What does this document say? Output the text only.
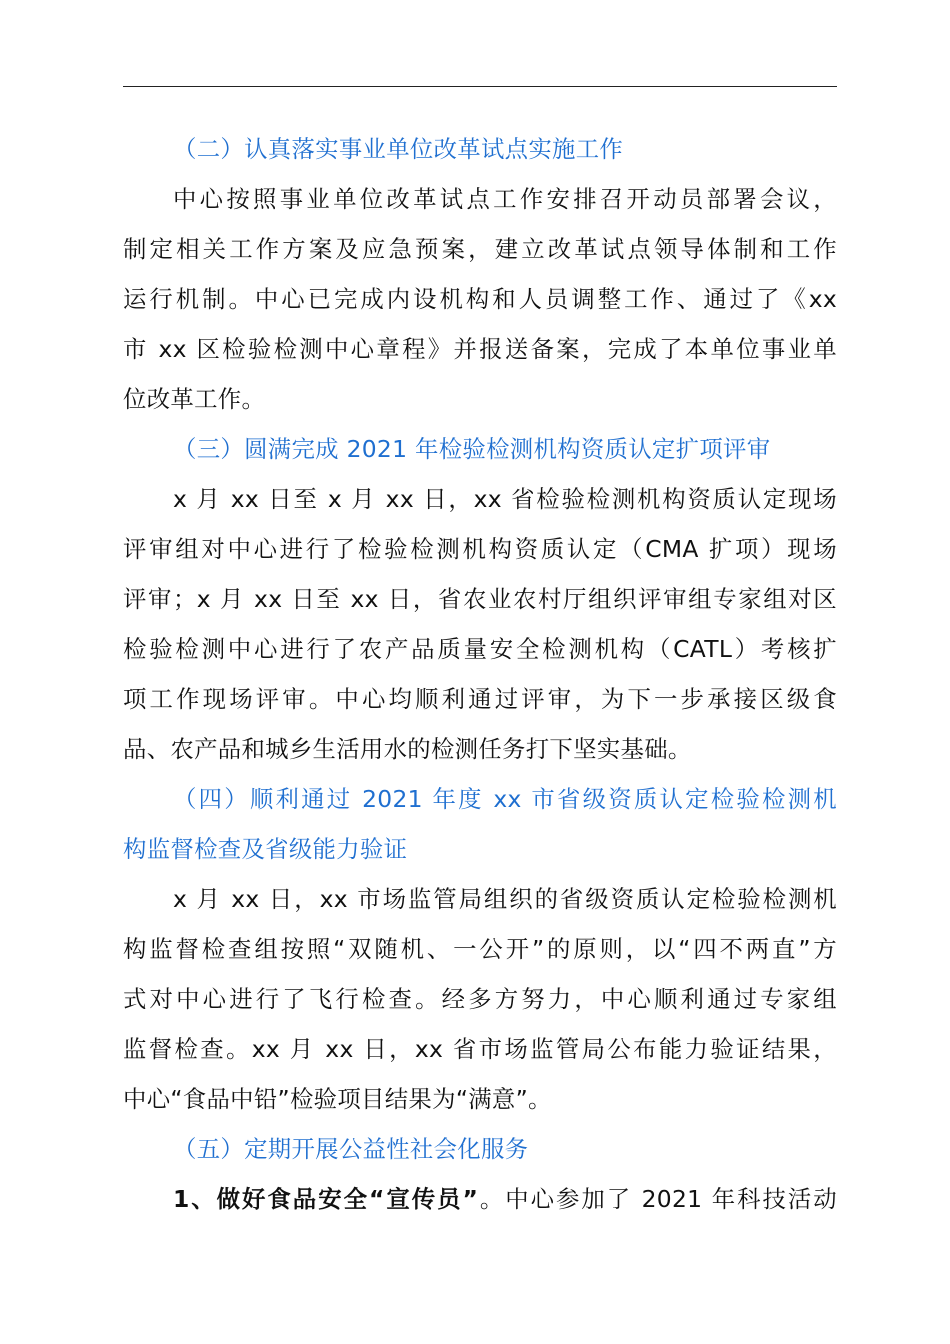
（二）认真落实事业单位改革试点实施工作
中心按照事业单位改革试点工作安排召开动员部署会议，
制定相关工作方案及应急预案，建立改革试点领导体制和工作
运行机制。中心已完成内设机构和人员调整工作、通过了《xx
市 xx 区检验检测中心章程》并报送备案，完成了本单位事业单
位改革工作。
（三）圆满完成 2021 年检验检测机构资质认定扩项评审
x 月 xx 日至 x 月 xx 日，xx 省检验检测机构资质认定现场
评审组对中心进行了检验检测机构资质认定（CMA 扩项）现场
评审；x 月 xx 日至 xx 日，省农业农村厅组织评审组专家组对区
检验检测中心进行了农产品质量安全检测机构（CATL）考核扩
项工作现场评审。中心均顺利通过评审，为下一步承接区级食
品、农产品和城乡生活用水的检测任务打下坚实基础。
（四）顺利通过 2021 年度 xx 市省级资质认定检验检测机
构监督检查及省级能力验证
x 月 xx 日，xx 市场监管局组织的省级资质认定检验检测机
构监督检查组按照“双随机、一公开”的原则，以“四不两直”方
式对中心进行了飞行检查。经多方努力，中心顺利通过专家组
监督检查。xx 月 xx 日，xx 省市场监管局公布能力验证结果，
中心“食品中铅”检验项目结果为“满意”。
（五）定期开展公益性社会化服务
1、做好食品安全“宣传员”。中心参加了 2021 年科技活动
